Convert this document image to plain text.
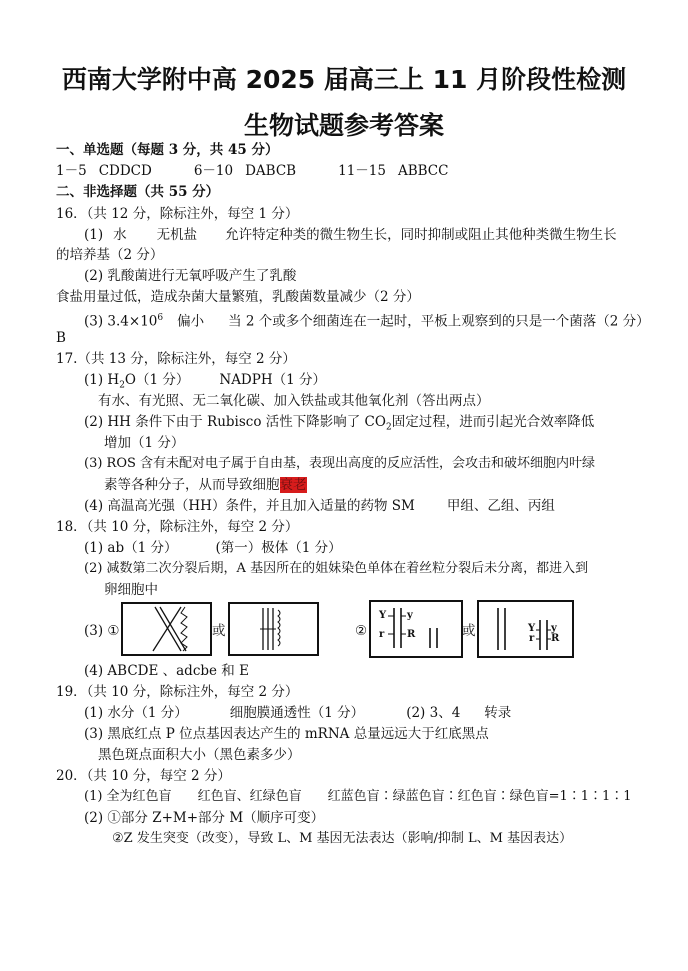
西南大学附中高 2025 届高三上 11 月阶段性检测
生物试题参考答案
一、单选题（每题 3 分，共 45 分）
1－5 CDDCD	6－10 DABCB	11－15 ABBCC
二、非选择题（共 55 分）
16．（共 12 分，除标注外，每空 1 分）
(1) 水 无机盐 允许特定种类的微生物生长，同时抑制或阻止其他种类微生物生长
的培养基（2 分）
(2) 乳酸菌进行无氧呼吸产生了乳酸
食盐用量过低，造成杂菌大量繁殖，乳酸菌数量减少（2 分）
(3) $3.4\times 10^6$ 偏小 当 2 个或多个细菌连在一起时，平板上观察到的只是一个菌落（2 分）
B
17.（共 13 分，除标注外，每空 2 分）
(1) $H_2O(1$ 分） NADPH（1 分）
有水、有光照、无二氧化碳、加入铁盐或其他氧化剂（答出两点）
(2) HH 条件下由于 Rubisco 活性下降影响了 $CO_2$固定过程，进而引起光合效率降低
增加（1 分）
(3) ROS 含有未配对电子属于自由基，表现出高度的反应活性，会攻击和破坏细胞内叶绿
素等各种分子，从而导致细胞衰老
(4) 高温高光强（HH）条件，并且加入适量的药物 SM 甲组、乙组、丙组
18．（共 10 分，除标注外，每空 2 分）
(1) ab（1 分）	(第一）极体（1 分）
(2) 减数第二次分裂后期，A 基因所在的姐妹染色单体在着丝粒分裂后未分离，都进入到
卵细胞中
(3) ①	或	②
Y y
r R	或	Y y
r R
(4) ABCDE 、adcbe 和 E
19．（共 10 分，除标注外，每空 2 分）
(1) 水分（1 分）	细胞膜通透性（1 分）	(2) 3、4 转录
(3) 黑底红点 P 位点基因表达产生的 mRNA 总量远远大于红底黑点
黑色斑点面积大小（黑色素多少）
20．（共 10 分，每空 2 分）
(1) 全为红色盲 红色盲、红绿色盲 红蓝色盲∶绿蓝色盲∶红色盲∶绿色盲=1∶1∶1∶1
(2) ①部分 Z+M+部分 M（顺序可变）
②Z 发生突变（改变），导致 L、M 基因无法表达（影响/抑制 L、M 基因表达）
